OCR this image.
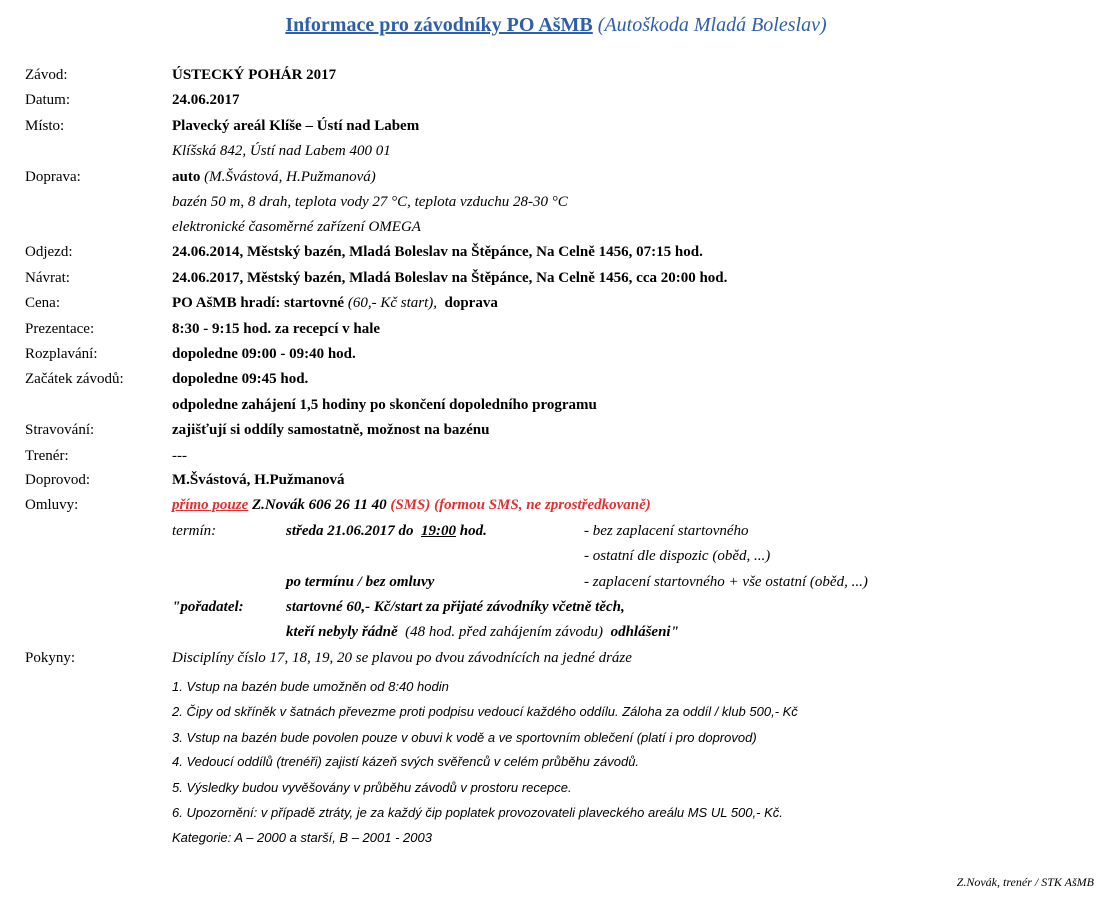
Informace pro závodníky PO AšMB (Autoškoda Mladá Boleslav)
Závod:	ÚSTECKÝ POHÁR 2017
Datum:	24.06.2017
Místo:	Plavecký areál Klíše – Ústí nad Labem
Klíšská 842, Ústí nad Labem 400 01
Doprava:	auto (M.Švástová, H.Pužmanová)
bazén 50 m, 8 drah, teplota vody 27 °C, teplota vzduchu 28-30 °C
elektronické časoměrné zařízení OMEGA
Odjezd:	24.06.2014, Městský bazén, Mladá Boleslav na Štěpánce, Na Celně 1456, 07:15 hod.
Návrat:	24.06.2017, Městský bazén, Mladá Boleslav na Štěpánce, Na Celně 1456, cca 20:00 hod.
Cena:	PO AšMB hradí: startovné (60,- Kč start), doprava
Prezentace:	8:30 - 9:15 hod. za recepcí v hale
Rozplavání:	dopoledne 09:00 - 09:40 hod.
Začátek závodů:	dopoledne 09:45 hod.
odpoledne zahájení 1,5 hodiny po skončení dopoledního programu
Stravování:	zajišťují si oddíly samostatně, možnost na bazénu
Trenér:	---
Doprovod:	M.Švástová, H.Pužmanová
Omluvy:	přímo pouze Z.Novák 606 26 11 40 (SMS) (formou SMS, ne zprostředkovaně)
termín:	středa 21.06.2017 do 19:00 hod.	- bez zaplacení startovného
- ostatní dle dispozic (oběd, ...)
po termínu / bez omluvy	- zaplacení startovného + vše ostatní (oběd, ...)
"pořadatel:	startovné 60,- Kč/start za přijaté závodníky včetně těch,
kteří nebyly řádně (48 hod. před zahájením závodu) odhlášeni"
Pokyny:	Disciplíny číslo 17, 18, 19, 20 se plavou po dvou závodnících na jedné dráze
1. Vstup na bazén bude umožněn od 8:40 hodin
2. Čipy od skříněk v šatnách převezme proti podpisu vedoucí každého oddílu. Záloha za oddíl / klub 500,- Kč
3. Vstup na bazén bude povolen pouze v obuvi k vodě a ve sportovním oblečení (platí i pro doprovod)
4. Vedoucí oddílů (trenéři) zajistí kázeň svých svěřenců v celém průběhu závodů.
5. Výsledky budou vyvěšovány v průběhu závodů v prostoru recepce.
6. Upozornění: v případě ztráty, je za každý čip poplatek provozovateli plaveckého areálu MS UL 500,- Kč.
Kategorie: A – 2000 a starší, B – 2001 - 2003
Z.Novák, trenér / STK AšMB
